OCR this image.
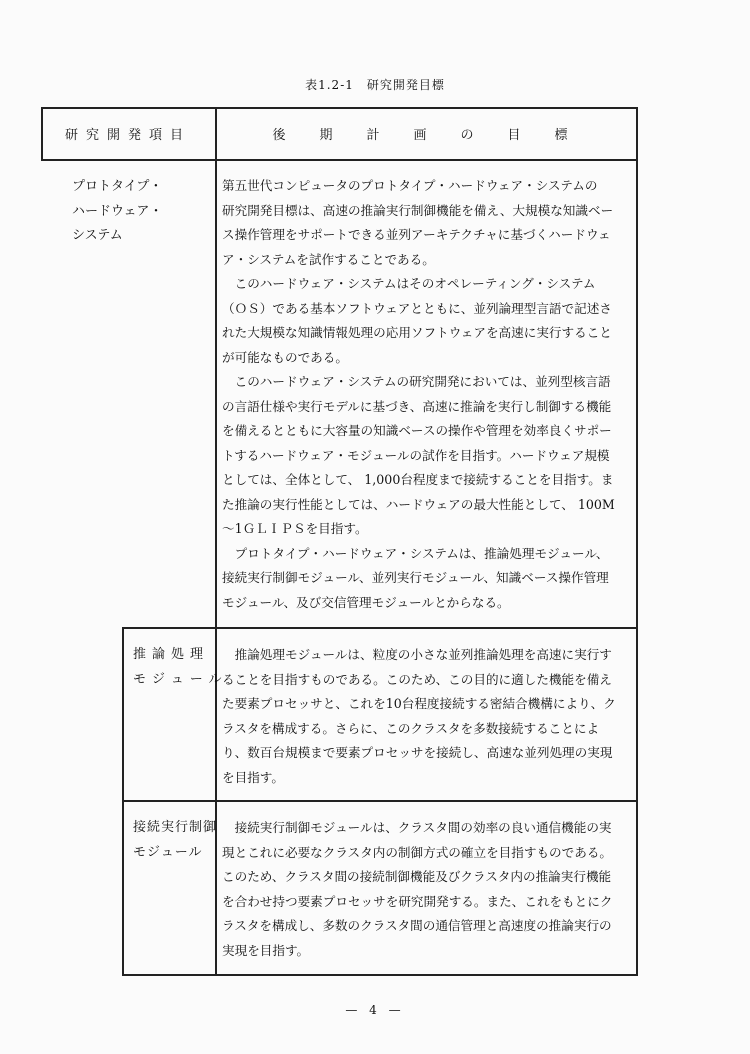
表1.2-1　研究開発目標
研究開発項目	後期計画の目標
プロトタイプ・
ハードウェア・
システム

第五世代コンピュータのプロトタイプ・ハードウェア・システムの

研究開発目標は、高速の推論実行制御機能を備え、大規模な知識ベー

ス操作管理をサポートできる並列アーキテクチャに基づくハードウェ

ア・システムを試作することである。

　このハードウェア・システムはそのオペレーティング・システム

（ＯＳ）である基本ソフトウェアとともに、並列論理型言語で記述さ

れた大規模な知識情報処理の応用ソフトウェアを高速に実行すること

が可能なものである。

　このハードウェア・システムの研究開発においては、並列型核言語

の言語仕様や実行モデルに基づき、高速に推論を実行し制御する機能

を備えるとともに大容量の知識ベースの操作や管理を効率良くサポー

トするハードウェア・モジュールの試作を目指す。ハードウェア規模

としては、全体として、 1,000台程度まで接続することを目指す。ま

た推論の実行性能としては、ハードウェアの最大性能として、 100M

～1ＧＬＩＰＳを目指す。

　プロトタイプ・ハードウェア・システムは、推論処理モジュール、

接続実行制御モジュール、並列実行モジュール、知識ベース操作管理

モジュール、及び交信管理モジュールとからなる。

推論処理
モジュール

　推論処理モジュールは、粒度の小さな並列推論処理を高速に実行す

ることを目指すものである。このため、この目的に適した機能を備え

た要素プロセッサと、これを10台程度接続する密結合機構により、ク

ラスタを構成する。さらに、このクラスタを多数接続することによ

り、数百台規模まで要素プロセッサを接続し、高速な並列処理の実現

を目指す。

接続実行制御
モジュール

　接続実行制御モジュールは、クラスタ間の効率の良い通信機能の実

現とこれに必要なクラスタ内の制御方式の確立を目指すものである。

このため、クラスタ間の接続制御機能及びクラスタ内の推論実行機能

を合わせ持つ要素プロセッサを研究開発する。また、これをもとにク

ラスタを構成し、多数のクラスタ間の通信管理と高速度の推論実行の

実現を目指す。

— 4 —
